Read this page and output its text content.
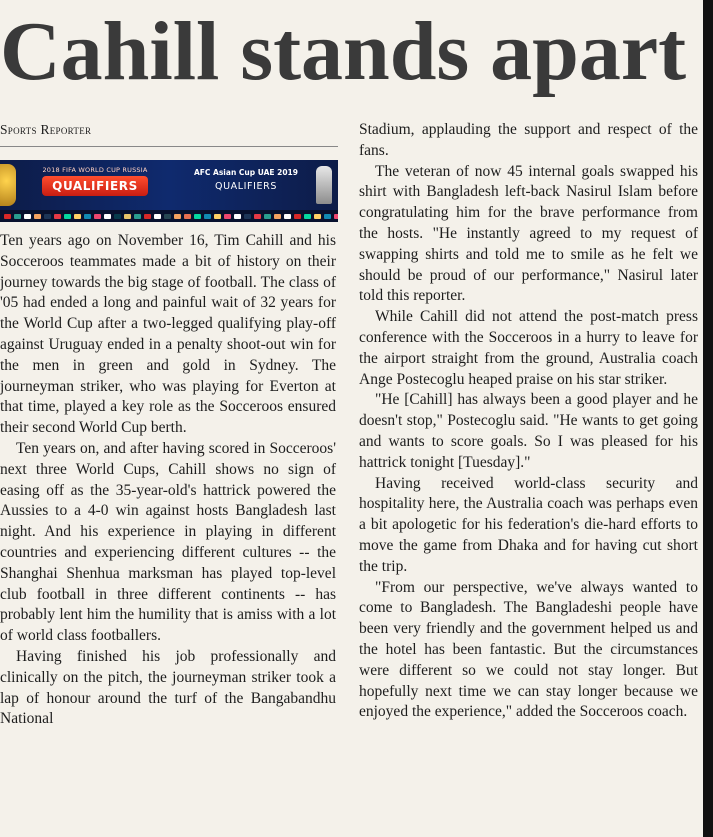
Cahill stands apart
Sports Reporter
2018 FIFA WORLD CUP RUSSIA
QUALIFIERS
AFC Asian Cup UAE 2019
QUALIFIERS

Ten years ago on November 16, Tim Cahill and his Socceroos teammates made a bit of history on their journey towards the big stage of football. The class of '05 had ended a long and painful wait of 32 years for the World Cup after a two-legged qualifying play-off against Uruguay ended in a penalty shoot-out win for the men in green and gold in Sydney. The journeyman striker, who was playing for Everton at that time, played a key role as the Socceroos ensured their second World Cup berth.

Ten years on, and after having scored in Socceroos' next three World Cups, Cahill shows no sign of easing off as the 35-year-old's hattrick powered the Aussies to a 4-0 win against hosts Bangladesh last night. And his experience in playing in different countries and experiencing different cultures -- the Shanghai Shenhua marksman has played top-level club football in three different continents -- has probably lent him the humility that is amiss with a lot of world class footballers.

Having finished his job professionally and clinically on the pitch, the journeyman striker took a lap of honour around the turf of the Bangabandhu National

Stadium, applauding the support and respect of the fans.

The veteran of now 45 internal goals swapped his shirt with Bangladesh left-back Nasirul Islam before congratulating him for the brave performance from the hosts. "He instantly agreed to my request of swapping shirts and told me to smile as he felt we should be proud of our performance," Nasirul later told this reporter.

While Cahill did not attend the post-match press conference with the Socceroos in a hurry to leave for the airport straight from the ground, Australia coach Ange Postecoglu heaped praise on his star striker.

"He [Cahill] has always been a good player and he doesn't stop," Postecoglu said. "He wants to get going and wants to score goals. So I was pleased for his hattrick tonight [Tuesday]."

Having received world-class security and hospitality here, the Australia coach was perhaps even a bit apologetic for his federation's die-hard efforts to move the game from Dhaka and for having cut short the trip.

"From our perspective, we've always wanted to come to Bangladesh. The Bangladeshi people have been very friendly and the government helped us and the hotel has been fantastic. But the circumstances were different so we could not stay longer. But hopefully next time we can stay longer because we enjoyed the experience," added the Socceroos coach.
